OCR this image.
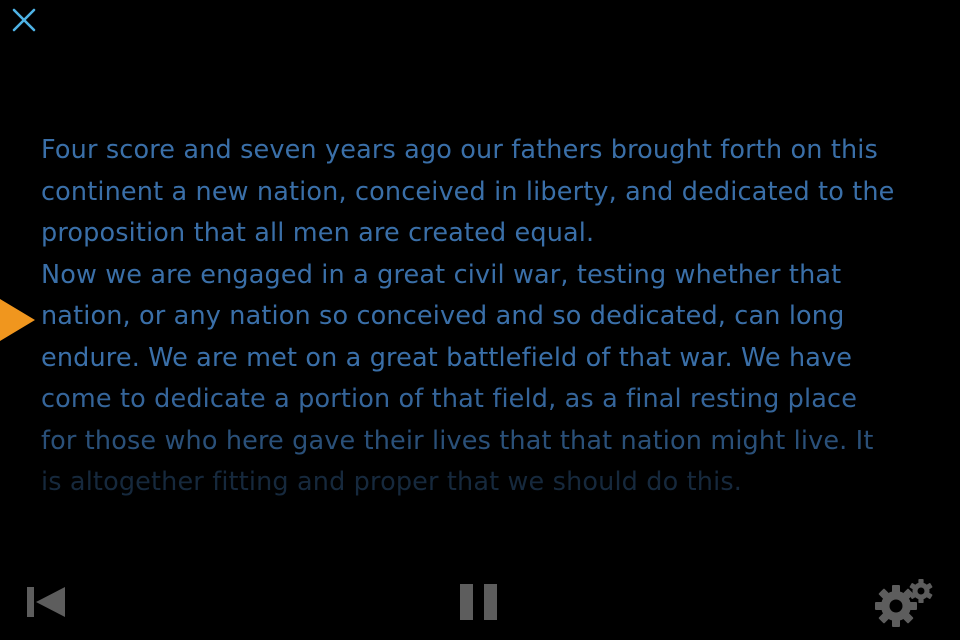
Four score and seven years ago our fathers brought forth on this
continent a new nation, conceived in liberty, and dedicated to the
proposition that all men are created equal.
Now we are engaged in a great civil war, testing whether that
nation, or any nation so conceived and so dedicated, can long
endure. We are met on a great battlefield of that war. We have
come to dedicate a portion of that field, as a final resting place
for those who here gave their lives that that nation might live. It
is altogether fitting and proper that we should do this.
